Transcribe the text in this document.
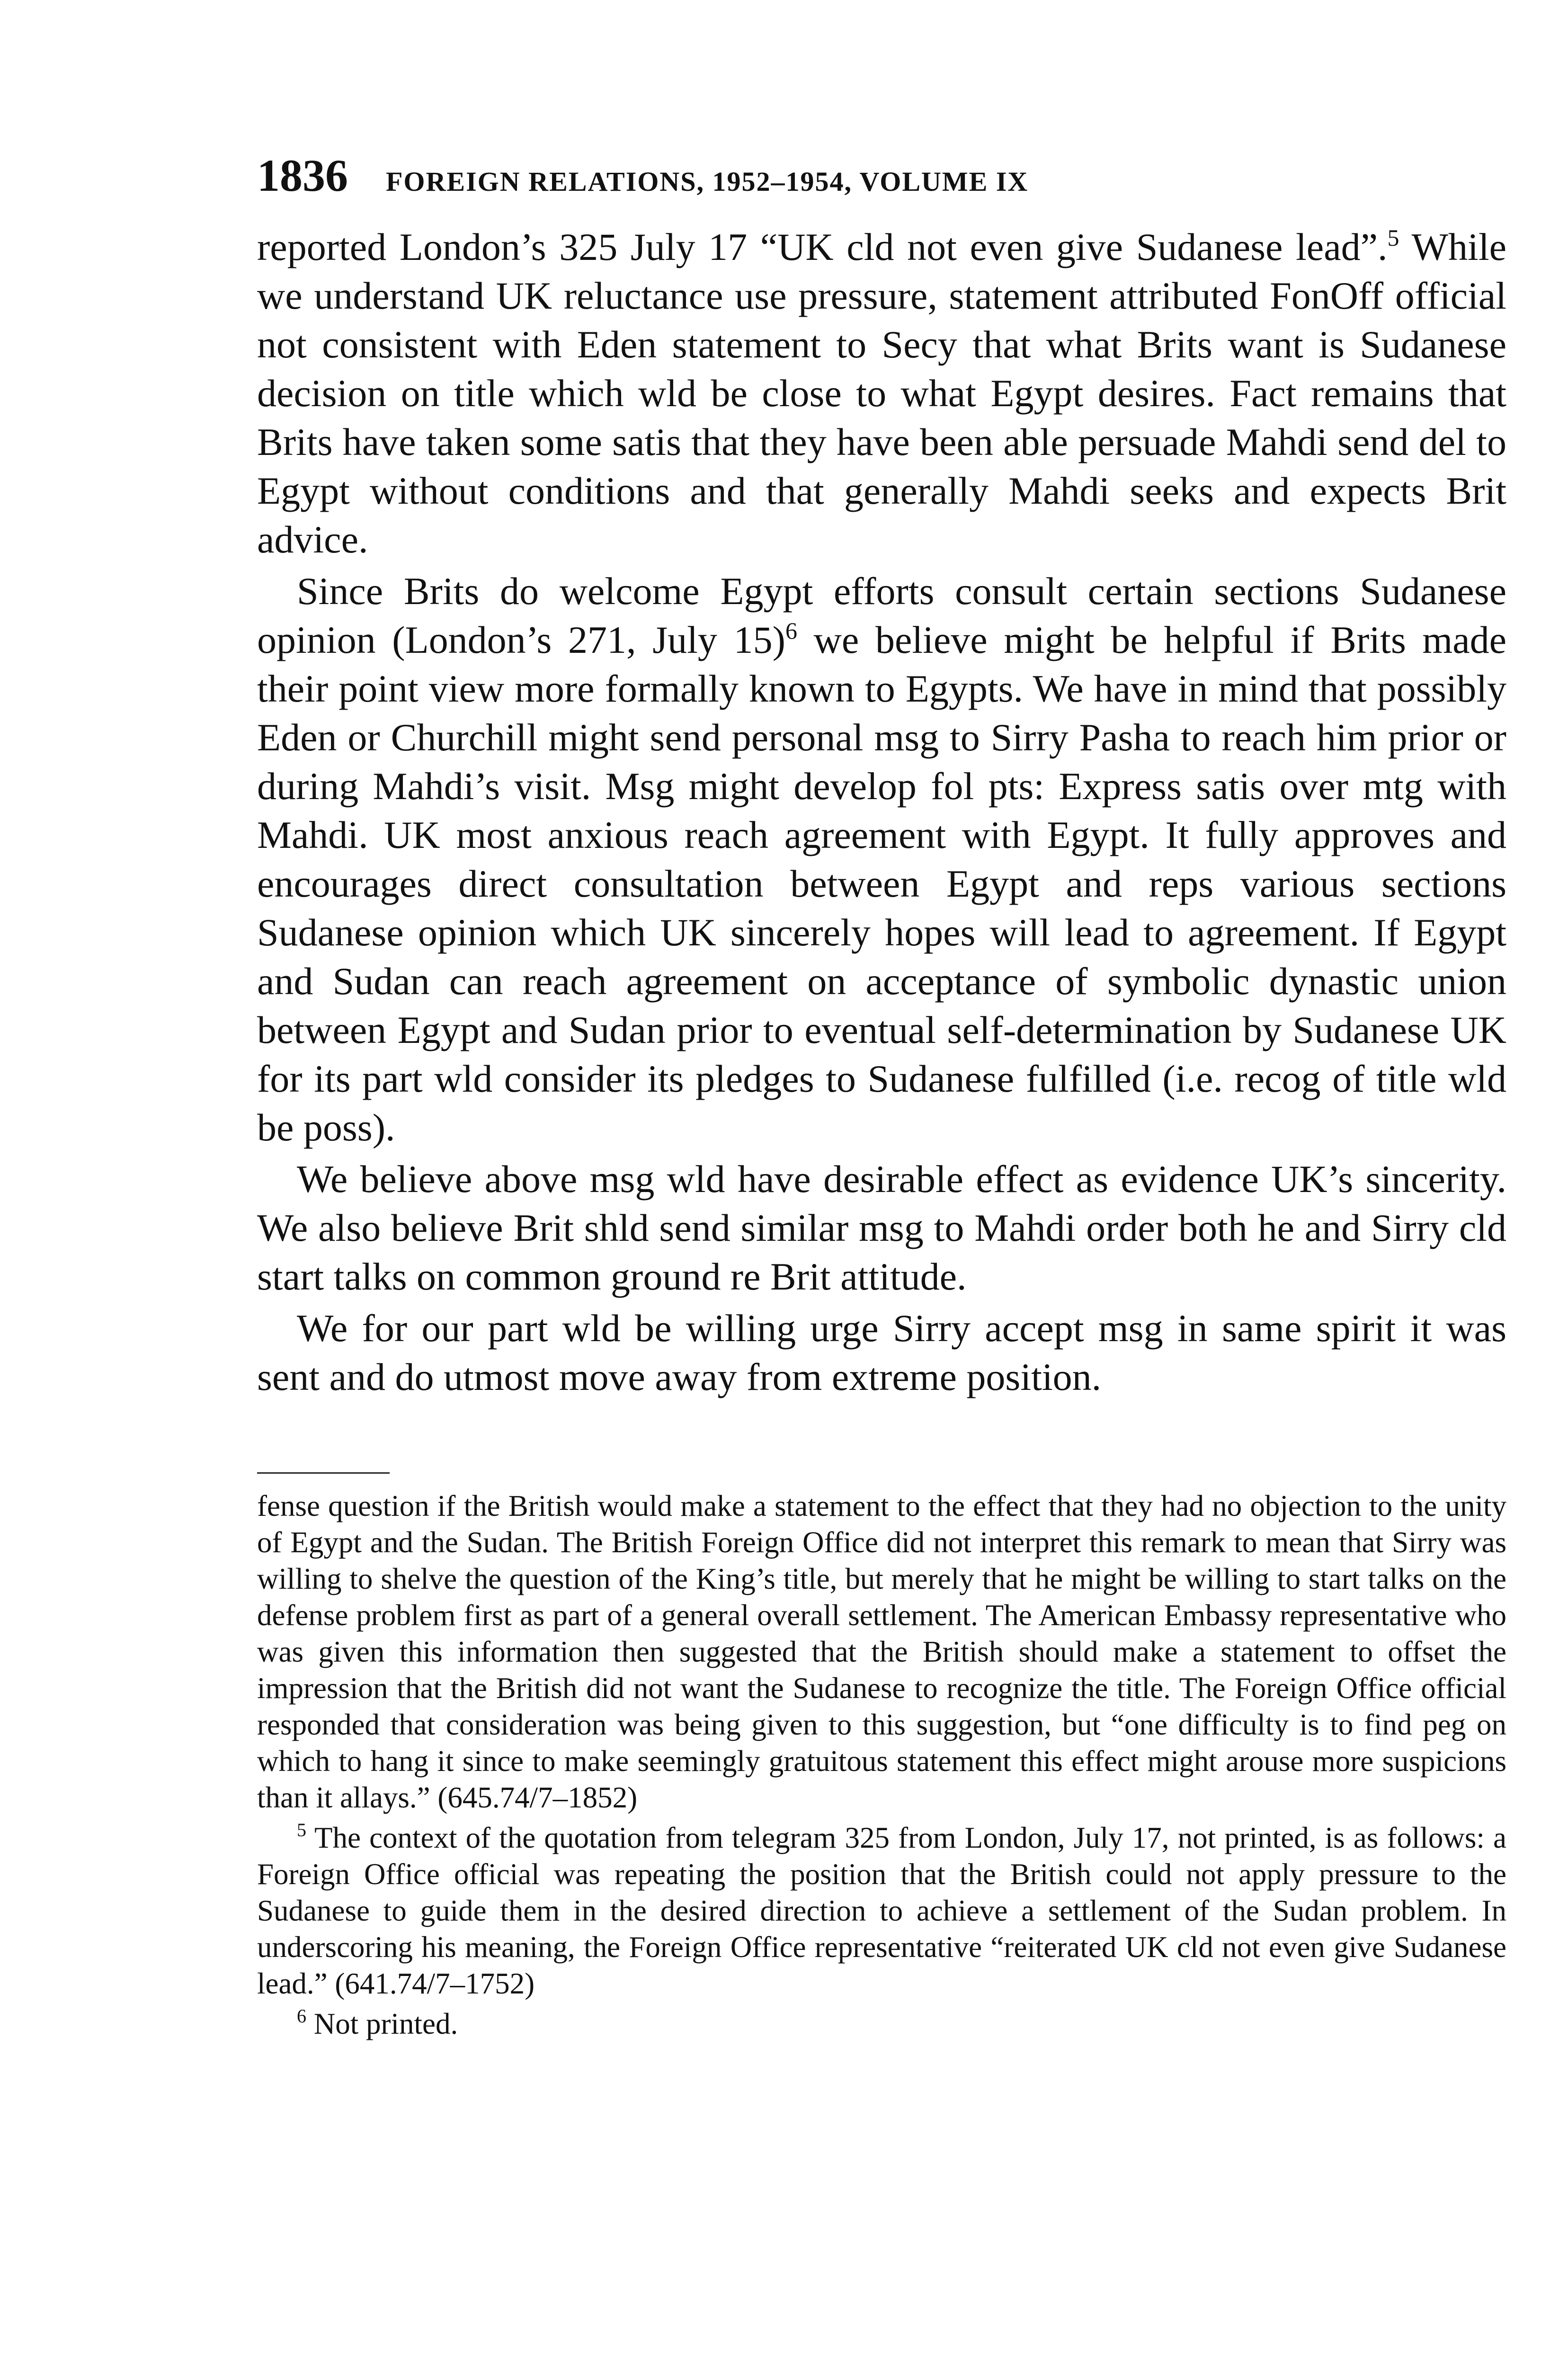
1836 FOREIGN RELATIONS, 1952–1954, VOLUME IX

reported London’s 325 July 17 “UK cld not even give Sudanese lead”.$^5$ While we understand UK reluctance use pressure, statement attributed FonOff official not consistent with Eden statement to Secy that what Brits want is Sudanese decision on title which wld be close to what Egypt desires. Fact remains that Brits have taken some satis that they have been able persuade Mahdi send del to Egypt without conditions and that generally Mahdi seeks and expects Brit advice.

Since Brits do welcome Egypt efforts consult certain sections Sudanese opinion (London’s 271, July 15)$^6$ we believe might be helpful if Brits made their point view more formally known to Egypts. We have in mind that possibly Eden or Churchill might send personal msg to Sirry Pasha to reach him prior or during Mahdi’s visit. Msg might develop fol pts: Express satis over mtg with Mahdi. UK most anxious reach agreement with Egypt. It fully approves and encourages direct consultation between Egypt and reps various sections Sudanese opinion which UK sincerely hopes will lead to agreement. If Egypt and Sudan can reach agreement on acceptance of symbolic dynastic union between Egypt and Sudan prior to eventual self-determination by Sudanese UK for its part wld consider its pledges to Sudanese fulfilled (i.e. recog of title wld be poss).

We believe above msg wld have desirable effect as evidence UK’s sincerity. We also believe Brit shld send similar msg to Mahdi order both he and Sirry cld start talks on common ground re Brit attitude.

We for our part wld be willing urge Sirry accept msg in same spirit it was sent and do utmost move away from extreme position.

fense question if the British would make a statement to the effect that they had no objection to the unity of Egypt and the Sudan. The British Foreign Office did not interpret this remark to mean that Sirry was willing to shelve the question of the King’s title, but merely that he might be willing to start talks on the defense problem first as part of a general overall settlement. The American Embassy representative who was given this information then suggested that the British should make a statement to offset the impression that the British did not want the Sudanese to recognize the title. The Foreign Office official responded that consideration was being given to this suggestion, but “one difficulty is to find peg on which to hang it since to make seemingly gratuitous statement this effect might arouse more suspicions than it allays.” (645.74/7–1852)

$^5$ The context of the quotation from telegram 325 from London, July 17, not printed, is as follows: a Foreign Office official was repeating the position that the British could not apply pressure to the Sudanese to guide them in the desired direction to achieve a settlement of the Sudan problem. In underscoring his meaning, the Foreign Office representative “reiterated UK cld not even give Sudanese lead.” (641.74/7–1752)

$^6$ Not printed.
